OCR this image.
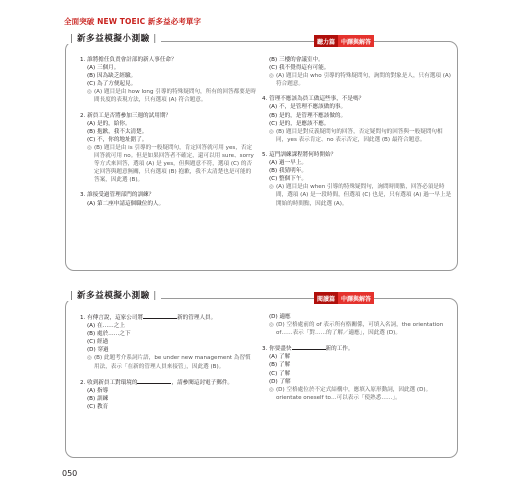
全面突破 NEW TOEIC 新多益必考單字
| 新多益模擬小測驗 |	聽力篇	中譯與解答
1. 誰將擔任負責會計部的新人事任命？
(A) 三個月。
(B) 因為缺乏經驗。
(C) 為了方便起見。
◎ (A) 題目是由 how long 引導的特殊疑問句，所有的回答都要是時間長度的表現方法，只有選項 (A) 符合題意。
2. 新員工是否將參加三週的試用期？
(A) 是的，給你。
(B) 抱歉，我不太清楚。
(C) 不，你的地址錯了。
◎ (B) 題目是由 is 引導的一般疑問句，肯定回答就可用 yes，否定回答就可用 no。但是如果回答者不確定，還可以用 sure、sorry 等方式來回答，選項 (A) 是 yes，但與題意不符，選項 (C) 的否定回答與題意無關，只有選項 (B) 抱歉，我不太清楚也是可能的答案，因此選 (B)。
3. 誰接受過管理部門的訓練？
(A) 第二座申請這個職位的人。
(B) 三樓的會議室中。
(C) 我不覺得這有可能。
◎ (A) 題目是由 who 引導的特殊疑問句，詢問的對象是人，只有選項 (A) 符合題意。
4. 管理不應該為員工做這些事，不是嗎？
(A) 不，是管理不應該做的事。
(B) 是的，是管理不應該做的。
(C) 是的，是應該不應。
◎ (B) 題目是對反義疑問句的回答，否定疑問句的回答與一般疑問句相同，yes 表示肯定、no 表示否定，因此選 (B) 最符合題意。
5. 這門訓練課程將何時開始？
(A) 過一早上。
(B) 我猜明年。
(C) 整個下午。
◎ (A) 題目是由 when 引導的特殊疑問句，詢問時間點，回答必須是時間，選項 (A) 是一段時間，但選項 (C) 也是，只有選項 (A) 過一早上是開始的時間點，因此選 (A)。
| 新多益模擬小測驗 |	閱讀篇	中譯與解答
1. 有傳言說，這家公司將	新的管理人員。
(A) 在……之上
(B) 處於……之下
(C) 經過
(D) 穿過
◎ (B) 此題考介系詞片語，be under new management 為習慣用法，表示「在新的管理人員來接管」，因此選 (B)。
2. 收到新員工對環境的	，請參閱這封電子郵件。
(A) 指導
(B) 訓練
(C) 教育
(D) 適應
◎ (D) 空格處前的 of 表示所有格關係，可填入名詞，the orientation of……表示「對……的了解／適應」，因此選 (D)。
3. 你要盡快	新的工作。
(A) 了解
(B) 了解
(C) 了解
(D) 了解
◎ (D) 空格處位於不定式結構中，應填入原形動詞，因此選 (D)。orientate oneself to…可以表示「使熟悉……」。
050
